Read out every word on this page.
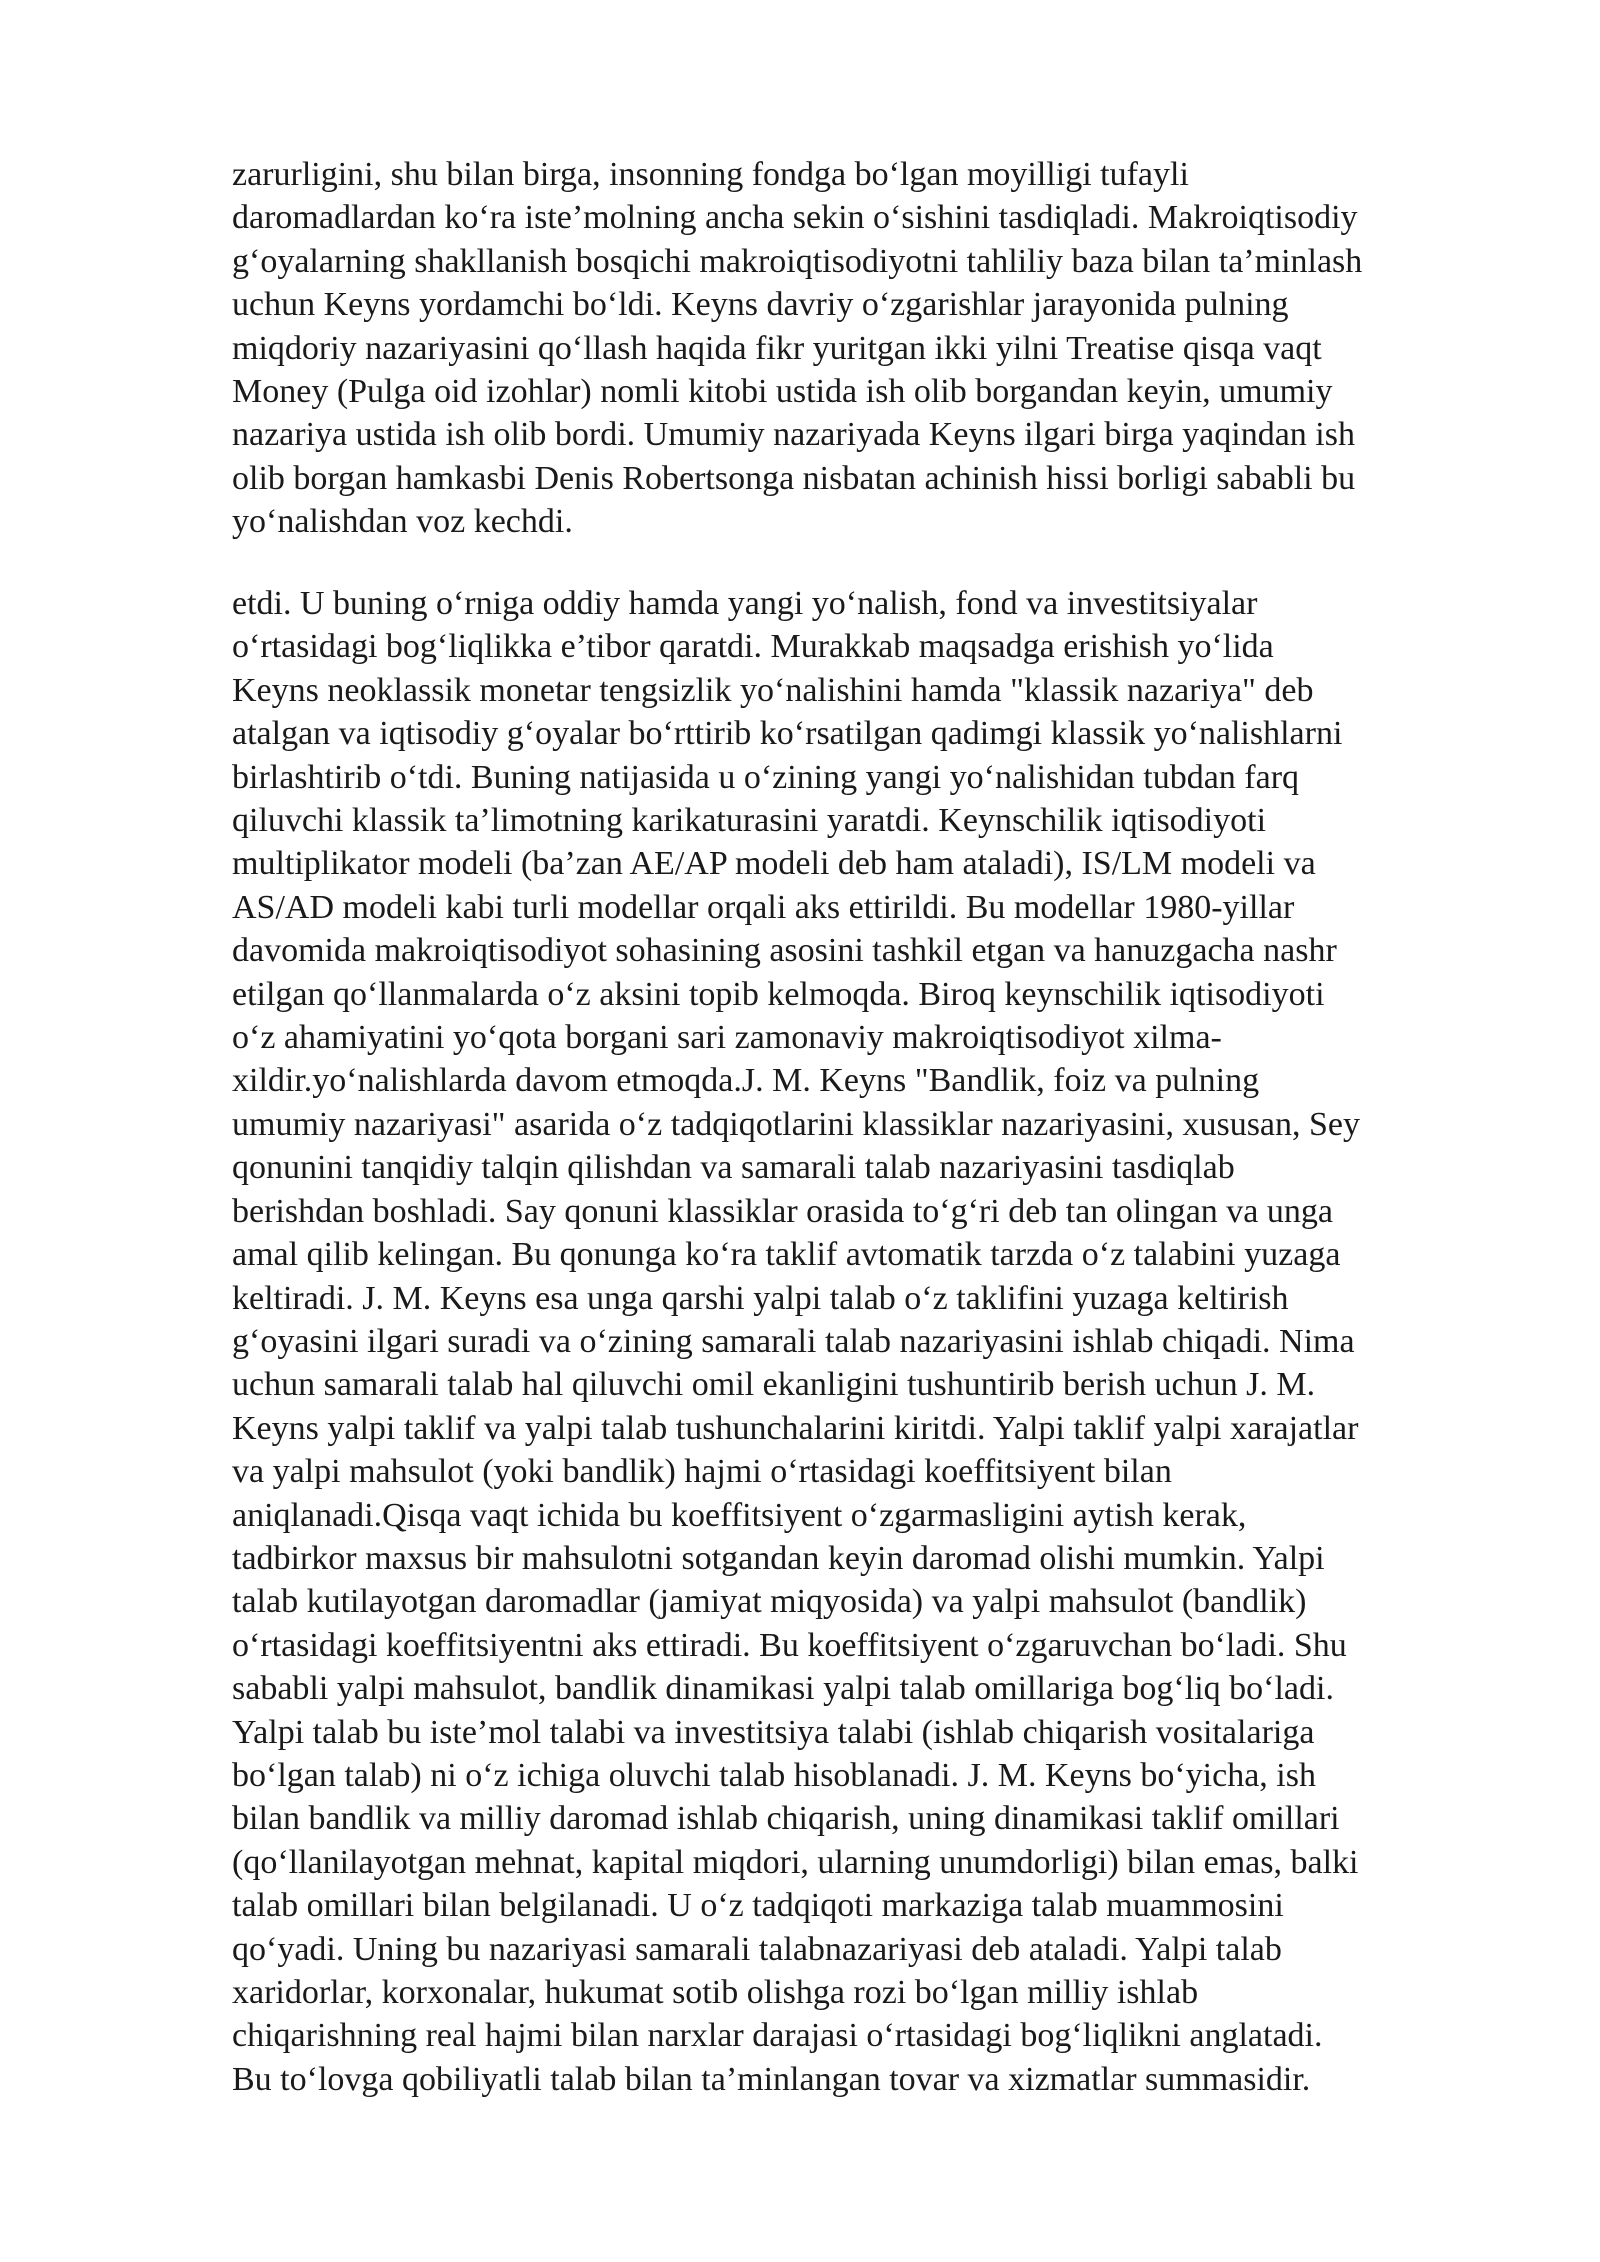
zarurligini, shu bilan birga, insonning fondga bo‘lgan moyilligi tufayli
daromadlardan ko‘ra iste’molning ancha sekin o‘sishini tasdiqladi. Makroiqtisodiy
g‘oyalarning shakllanish bosqichi makroiqtisodiyotni tahliliy baza bilan ta’minlash
uchun Keyns yordamchi bo‘ldi. Keyns davriy o‘zgarishlar jarayonida pulning
miqdoriy nazariyasini qo‘llash haqida fikr yuritgan ikki yilni Treatise qisqa vaqt
Money (Pulga oid izohlar) nomli kitobi ustida ish olib borgandan keyin, umumiy
nazariya ustida ish olib bordi. Umumiy nazariyada Keyns ilgari birga yaqindan ish
olib borgan hamkasbi Denis Robertsonga nisbatan achinish hissi borligi sababli bu
yo‘nalishdan voz kechdi.

etdi. U buning o‘rniga oddiy hamda yangi yo‘nalish, fond va investitsiyalar
o‘rtasidagi bog‘liqlikka e’tibor qaratdi. Murakkab maqsadga erishish yo‘lida
Keyns neoklassik monetar tengsizlik yo‘nalishini hamda "klassik nazariya" deb
atalgan va iqtisodiy g‘oyalar bo‘rttirib ko‘rsatilgan qadimgi klassik yo‘nalishlarni
birlashtirib o‘tdi. Buning natijasida u o‘zining yangi yo‘nalishidan tubdan farq
qiluvchi klassik ta’limotning karikaturasini yaratdi. Keynschilik iqtisodiyoti
multiplikator modeli (ba’zan AE/AP modeli deb ham ataladi), IS/LM modeli va
AS/AD modeli kabi turli modellar orqali aks ettirildi. Bu modellar 1980-yillar
davomida makroiqtisodiyot sohasining asosini tashkil etgan va hanuzgacha nashr
etilgan qo‘llanmalarda o‘z aksini topib kelmoqda. Biroq keynschilik iqtisodiyoti
o‘z ahamiyatini yo‘qota borgani sari zamonaviy makroiqtisodiyot xilma-
xildir.yo‘nalishlarda davom etmoqda.J. M. Keyns "Bandlik, foiz va pulning
umumiy nazariyasi" asarida o‘z tadqiqotlarini klassiklar nazariyasini, xususan, Sey
qonunini tanqidiy talqin qilishdan va samarali talab nazariyasini tasdiqlab
berishdan boshladi. Say qonuni klassiklar orasida to‘g‘ri deb tan olingan va unga
amal qilib kelingan. Bu qonunga ko‘ra taklif avtomatik tarzda o‘z talabini yuzaga
keltiradi. J. M. Keyns esa unga qarshi yalpi talab o‘z taklifini yuzaga keltirish
g‘oyasini ilgari suradi va o‘zining samarali talab nazariyasini ishlab chiqadi. Nima
uchun samarali talab hal qiluvchi omil ekanligini tushuntirib berish uchun J. M.
Keyns yalpi taklif va yalpi talab tushunchalarini kiritdi. Yalpi taklif yalpi xarajatlar
va yalpi mahsulot (yoki bandlik) hajmi o‘rtasidagi koeffitsiyent bilan
aniqlanadi.Qisqa vaqt ichida bu koeffitsiyent o‘zgarmasligini aytish kerak,
tadbirkor maxsus bir mahsulotni sotgandan keyin daromad olishi mumkin. Yalpi
talab kutilayotgan daromadlar (jamiyat miqyosida) va yalpi mahsulot (bandlik)
o‘rtasidagi koeffitsiyentni aks ettiradi. Bu koeffitsiyent o‘zgaruvchan bo‘ladi. Shu
sababli yalpi mahsulot, bandlik dinamikasi yalpi talab omillariga bog‘liq bo‘ladi.
Yalpi talab bu iste’mol talabi va investitsiya talabi (ishlab chiqarish vositalariga
bo‘lgan talab) ni o‘z ichiga oluvchi talab hisoblanadi. J. M. Keyns bo‘yicha, ish
bilan bandlik va milliy daromad ishlab chiqarish, uning dinamikasi taklif omillari
(qo‘llanilayotgan mehnat, kapital miqdori, ularning unumdorligi) bilan emas, balki
talab omillari bilan belgilanadi. U o‘z tadqiqoti markaziga talab muammosini
qo‘yadi. Uning bu nazariyasi samarali talabnazariyasi deb ataladi. Yalpi talab
xaridorlar, korxonalar, hukumat sotib olishga rozi bo‘lgan milliy ishlab
chiqarishning real hajmi bilan narxlar darajasi o‘rtasidagi bog‘liqlikni anglatadi.
Bu to‘lovga qobiliyatli talab bilan ta’minlangan tovar va xizmatlar summasidir.
